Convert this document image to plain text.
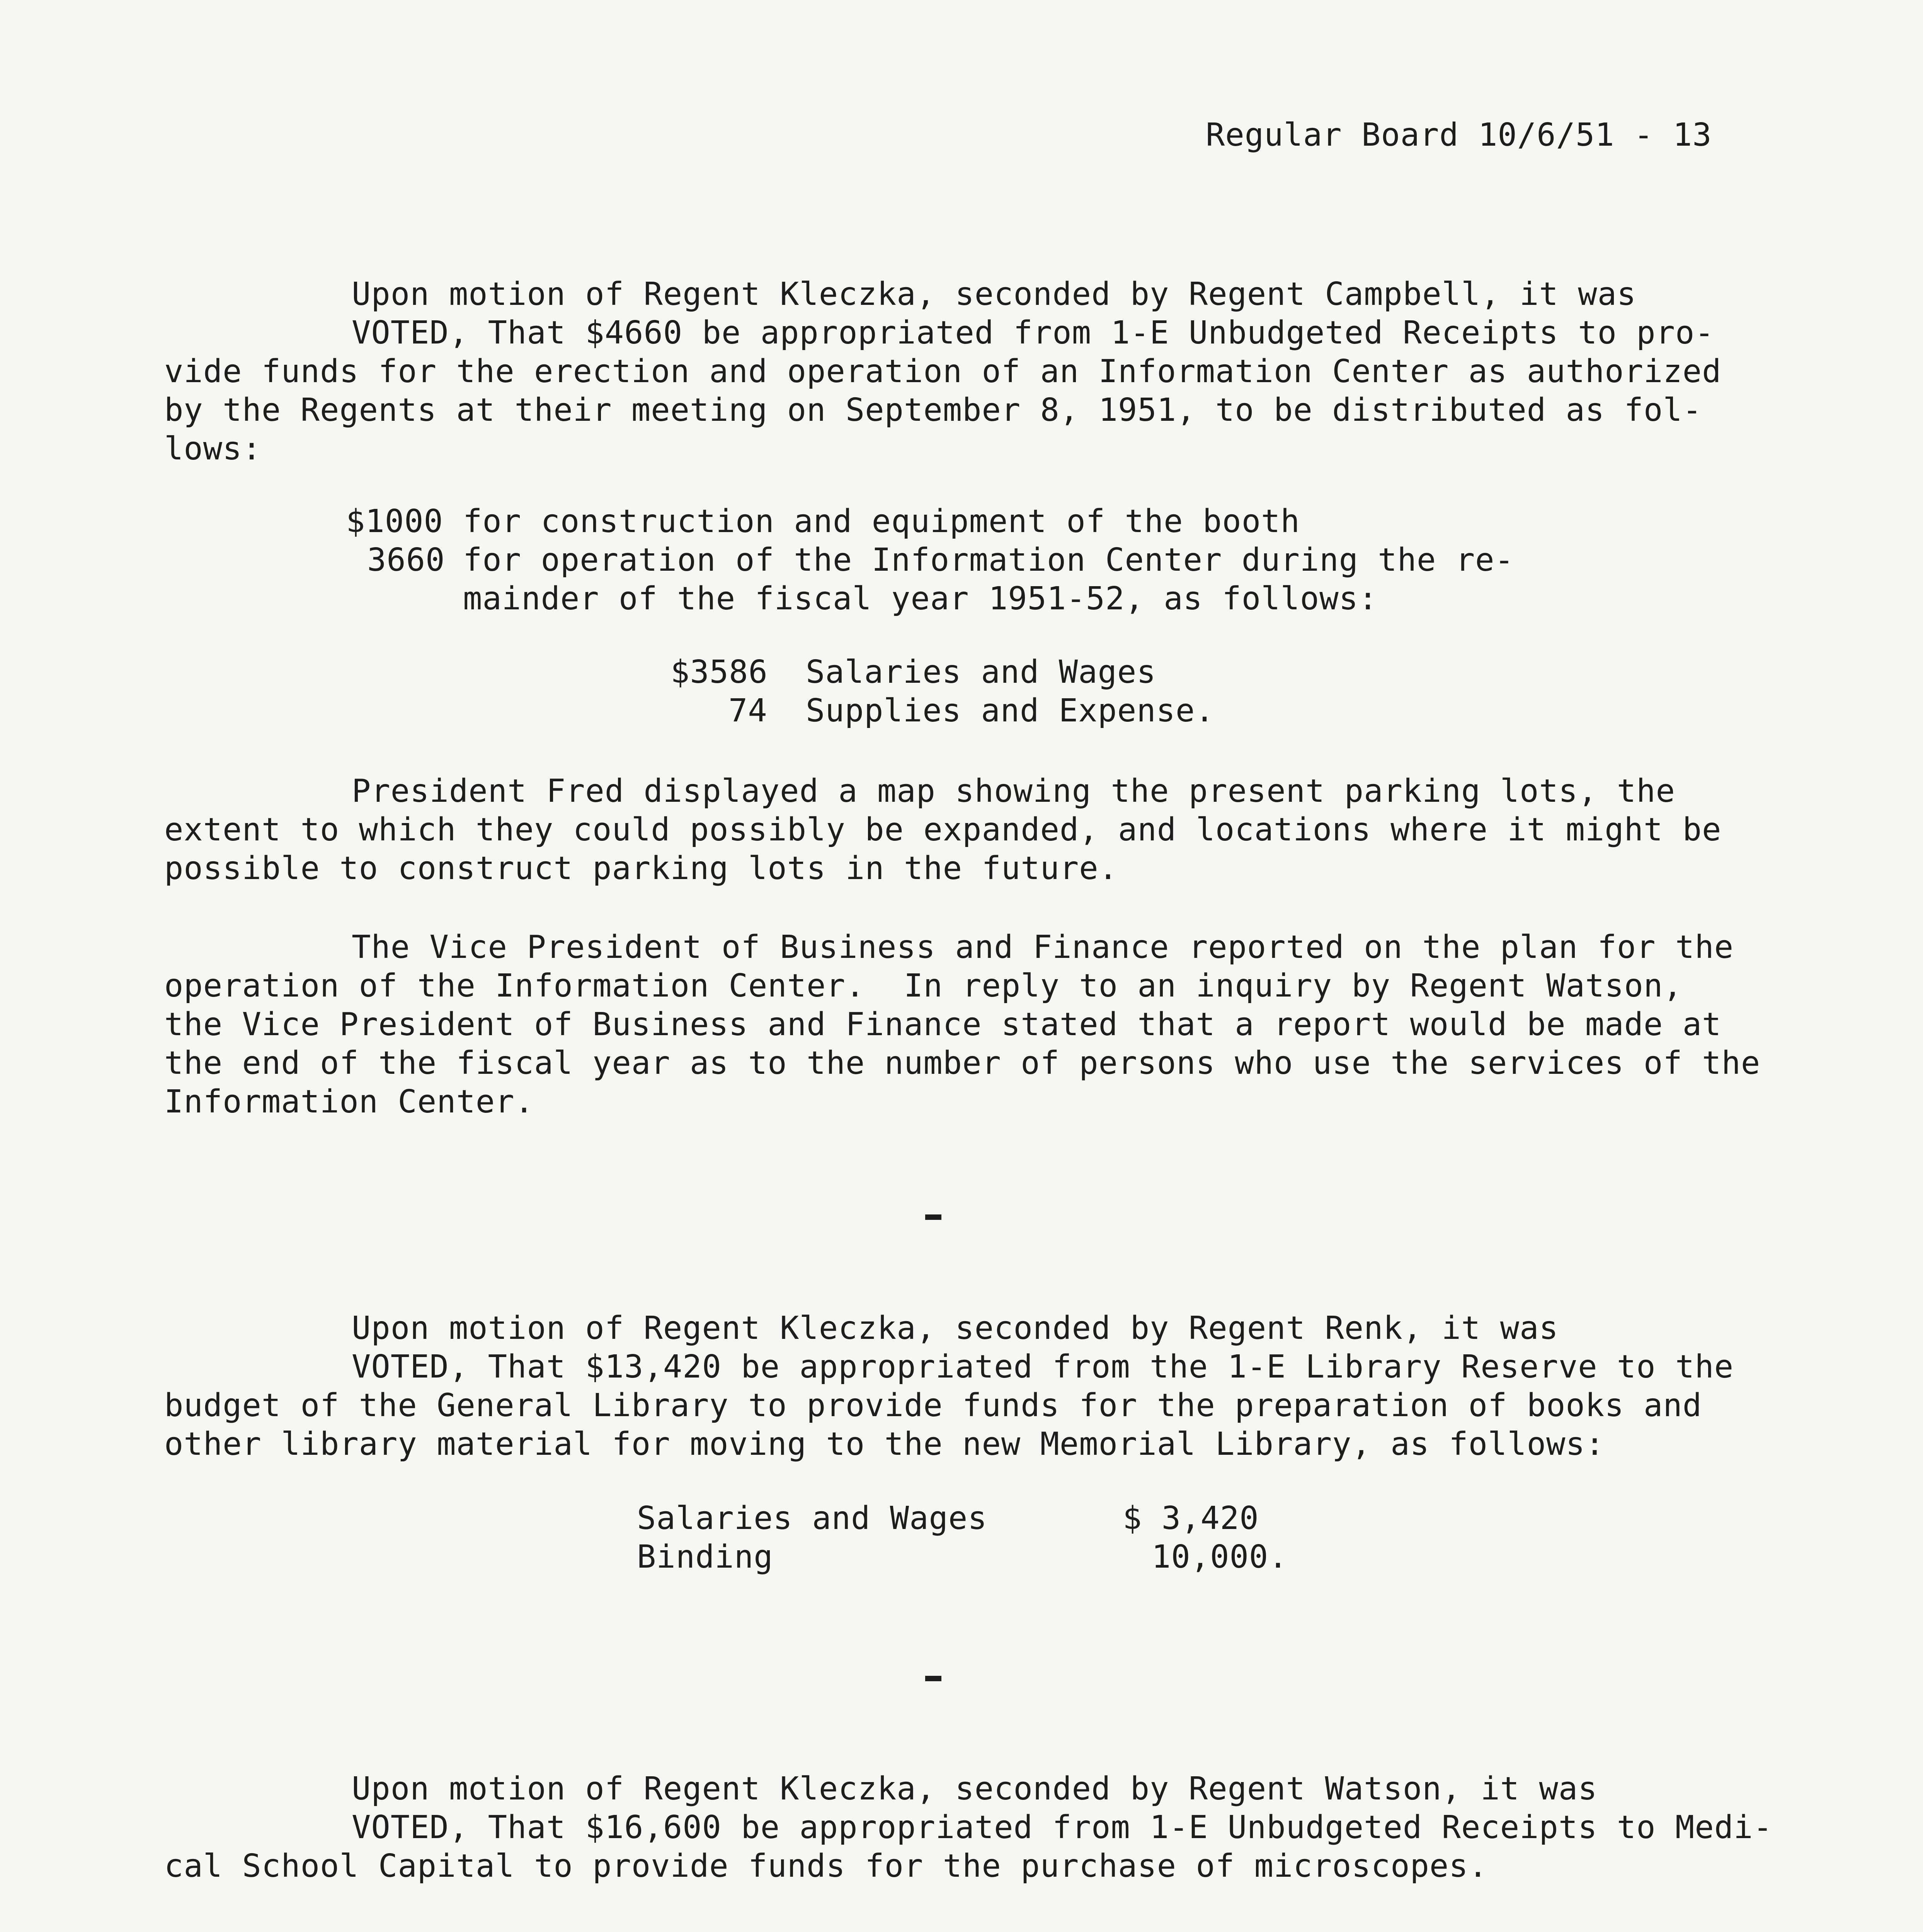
Regular Board 10/6/51 - 13
Upon motion of Regent Kleczka, seconded by Regent Campbell, it was
VOTED, That $4660 be appropriated from 1-E Unbudgeted Receipts to pro-
vide funds for the erection and operation of an Information Center as authorized
by the Regents at their meeting on September 8, 1951, to be distributed as fol-
lows:
$1000 for construction and equipment of the booth
3660 for operation of the Information Center during the re-
mainder of the fiscal year 1951-52, as follows:
$3586 Salaries and Wages
74 Supplies and Expense.
President Fred displayed a map showing the present parking lots, the
extent to which they could possibly be expanded, and locations where it might be
possible to construct parking lots in the future.
The Vice President of Business and Finance reported on the plan for the
operation of the Information Center.  In reply to an inquiry by Regent Watson,
the Vice President of Business and Finance stated that a report would be made at
the end of the fiscal year as to the number of persons who use the services of the
Information Center.
Upon motion of Regent Kleczka, seconded by Regent Renk, it was
VOTED, That $13,420 be appropriated from the 1-E Library Reserve to the
budget of the General Library to provide funds for the preparation of books and
other library material for moving to the new Memorial Library, as follows:
Salaries and Wages	$ 3,420
Binding	10,000.
Upon motion of Regent Kleczka, seconded by Regent Watson, it was
VOTED, That $16,600 be appropriated from 1-E Unbudgeted Receipts to Medi-
cal School Capital to provide funds for the purchase of microscopes.
